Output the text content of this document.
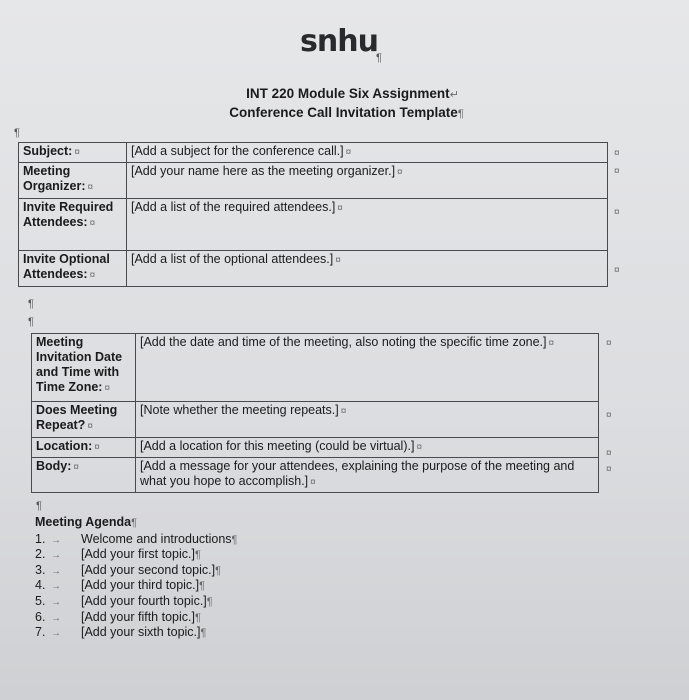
snhu
¶
INT 220 Module Six Assignment↵
Conference Call Invitation Template¶
¶
Subject: ¤	[Add a subject for the conference call.] ¤
Meeting Organizer: ¤	[Add your name here as the meeting organizer.] ¤
Invite Required Attendees: ¤	[Add a list of the required attendees.] ¤
Invite Optional Attendees: ¤	[Add a list of the optional attendees.] ¤
¤
¤
¤
¤
¶
¶
Meeting Invitation Date and Time with Time Zone: ¤	[Add the date and time of the meeting, also noting the specific time zone.] ¤
Does Meeting Repeat? ¤	[Note whether the meeting repeats.] ¤
Location: ¤	[Add a location for this meeting (could be virtual).] ¤
Body: ¤	[Add a message for your attendees, explaining the purpose of the meeting and what you hope to accomplish.] ¤
¤
¤
¤
¤
¶
Meeting Agenda¶
1. → Welcome and introductions¶
2. → [Add your first topic.]¶
3. → [Add your second topic.]¶
4. → [Add your third topic.]¶
5. → [Add your fourth topic.]¶
6. → [Add your fifth topic.]¶
7. → [Add your sixth topic.]¶
